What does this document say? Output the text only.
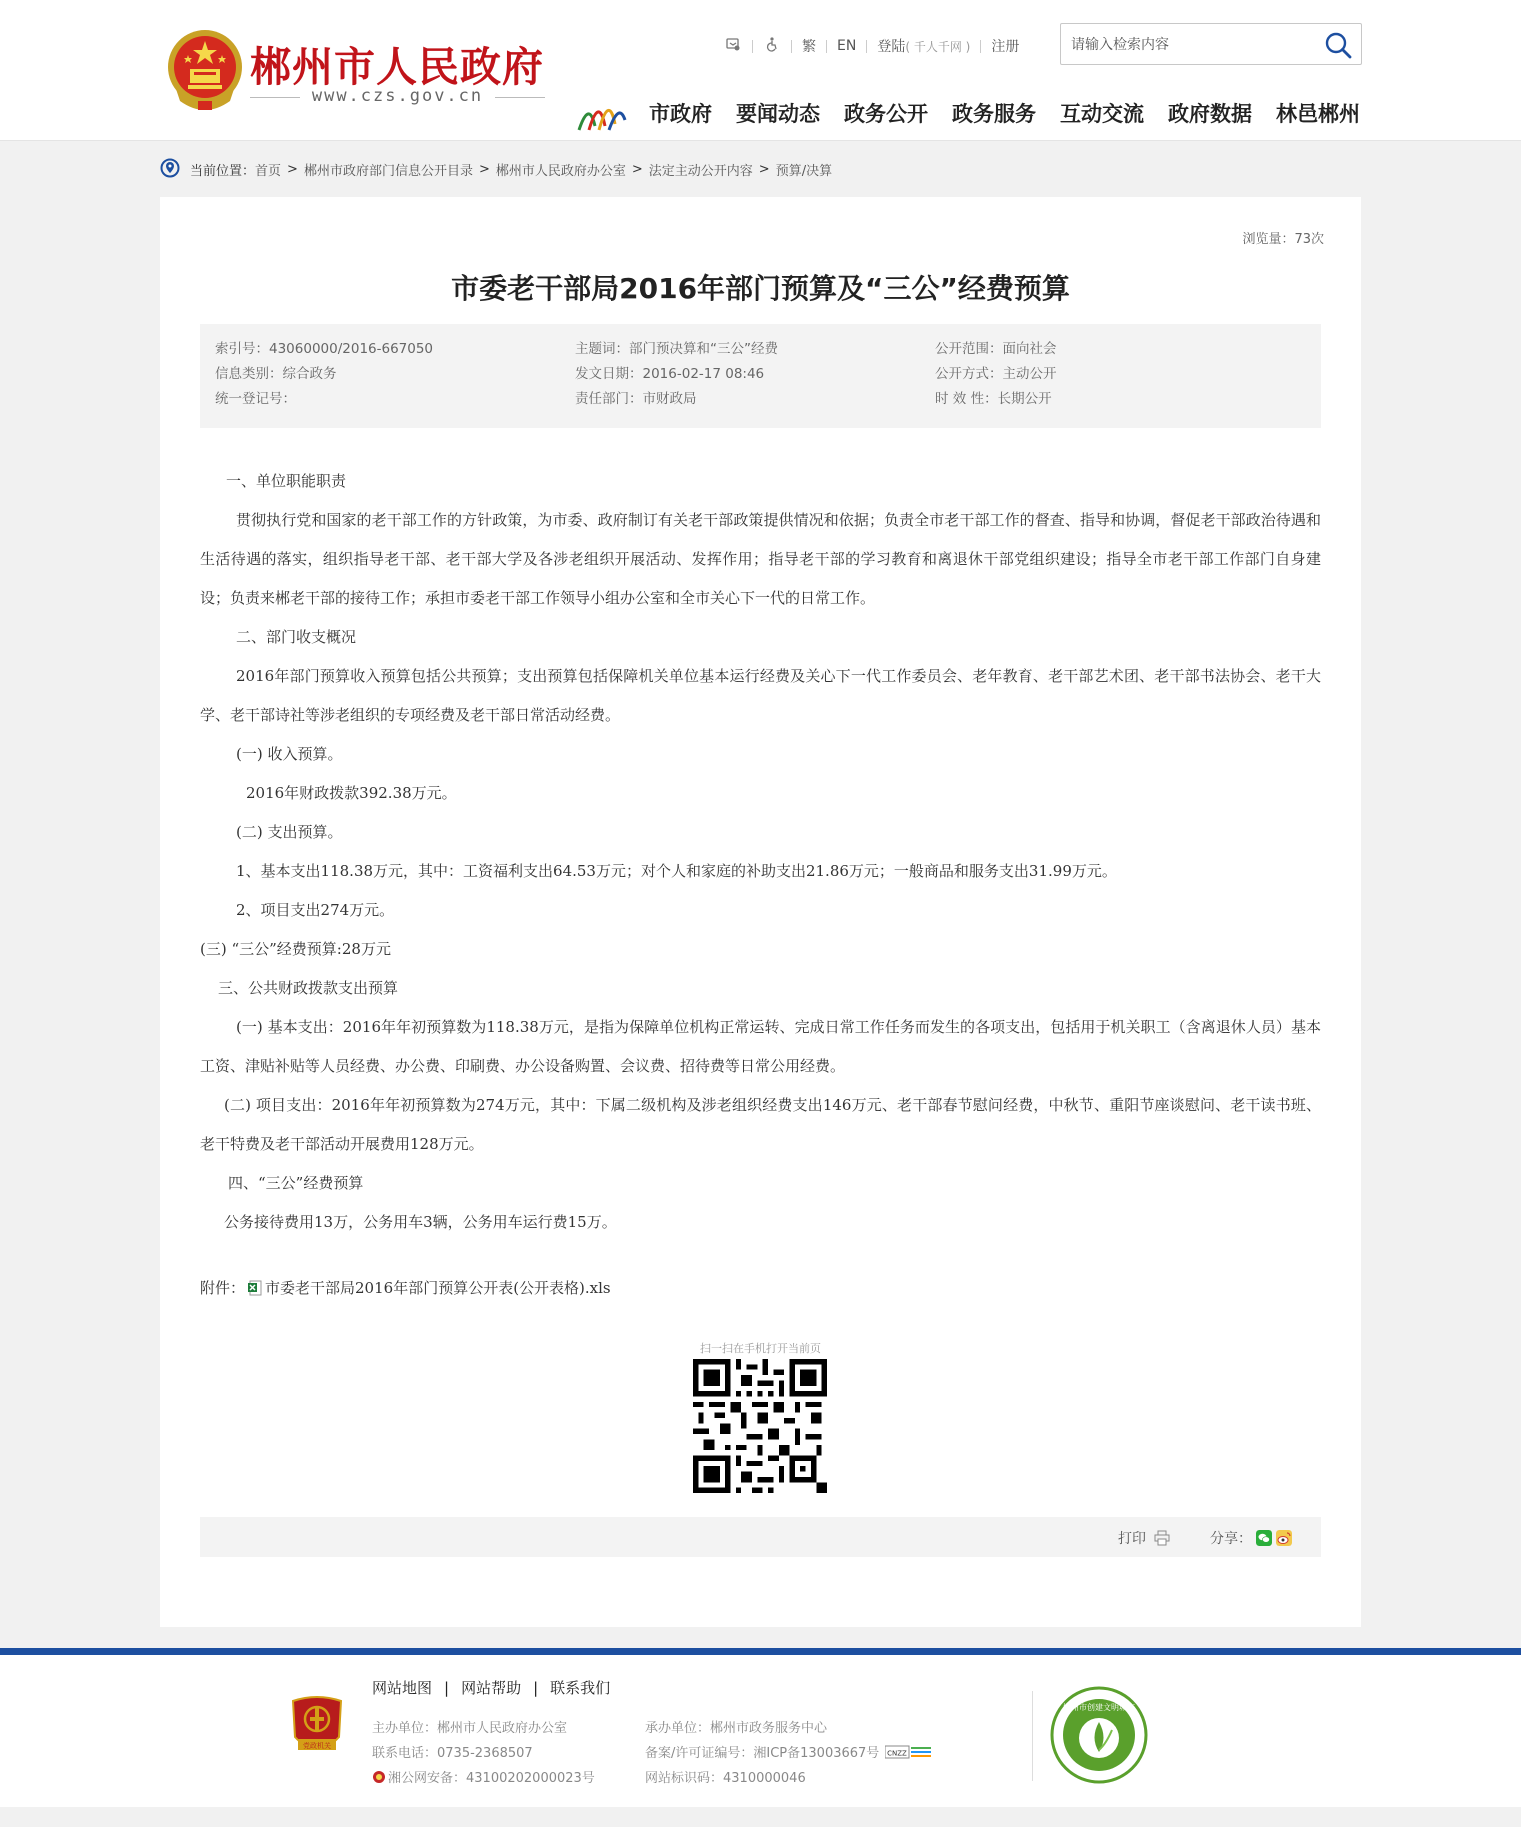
郴州市人民政府
www.czs.gov.cn
繁 EN 登陆 ( 千人千网 ) 注册
请输入检索内容
市政府 要闻动态 政务公开 政务服务 互动交流 政府数据 林邑郴州
当前位置： 首页 > 郴州市政府部门信息公开目录 > 郴州市人民政府办公室 > 法定主动公开内容 > 预算/决算
浏览量：73次
市委老干部局2016年部门预算及“三公”经费预算
索引号：43060000/2016-667050
信息类别：综合政务
统一登记号：
主题词：部门预决算和“三公”经费
发文日期：2016-02-17 08:46
责任部门：市财政局
公开范围：面向社会
公开方式：主动公开
时 效 性：长期公开

一、单位职能职责

贯彻执行党和国家的老干部工作的方针政策，为市委、政府制订有关老干部政策提供情况和依据；负责全市老干部工作的督查、指导和协调，督促老干部政治待遇和生活待遇的落实，组织指导老干部、老干部大学及各涉老组织开展活动、发挥作用；指导老干部的学习教育和离退休干部党组织建设；指导全市老干部工作部门自身建设；负责来郴老干部的接待工作；承担市委老干部工作领导小组办公室和全市关心下一代的日常工作。

二、部门收支概况

2016年部门预算收入预算包括公共预算；支出预算包括保障机关单位基本运行经费及关心下一代工作委员会、老年教育、老干部艺术团、老干部书法协会、老干大学、老干部诗社等涉老组织的专项经费及老干部日常活动经费。

(一) 收入预算。

2016年财政拨款392.38万元。

(二) 支出预算。

1、基本支出118.38万元，其中：工资福利支出64.53万元；对个人和家庭的补助支出21.86万元；一般商品和服务支出31.99万元。

2、项目支出274万元。

(三) “三公”经费预算:28万元

三、公共财政拨款支出预算

(一) 基本支出：2016年年初预算数为118.38万元，是指为保障单位机构正常运转、完成日常工作任务而发生的各项支出，包括用于机关职工（含离退休人员）基本工资、津贴补贴等人员经费、办公费、印刷费、办公设备购置、会议费、招待费等日常公用经费。

(二) 项目支出：2016年年初预算数为274万元，其中：下属二级机构及涉老组织经费支出146万元、老干部春节慰问经费，中秋节、重阳节座谈慰问、老干读书班、老干特费及老干部活动开展费用128万元。

四、“三公”经费预算

公务接待费用13万，公务用车3辆，公务用车运行费15万。

附件： 市委老干部局2016年部门预算公开表(公开表格).xls
扫一扫在手机打开当前页
打印	分享：
党政机关
网站地图 | 网站帮助 | 联系我们
主办单位：郴州市人民政府办公室
联系电话：0735-2368507
湘公网安备：43100202000023号
承办单位：郴州市政务服务中心
备案/许可证编号：湘ICP备13003667号 CNZZ
网站标识码：4310000046
郴州市创建文明城市
